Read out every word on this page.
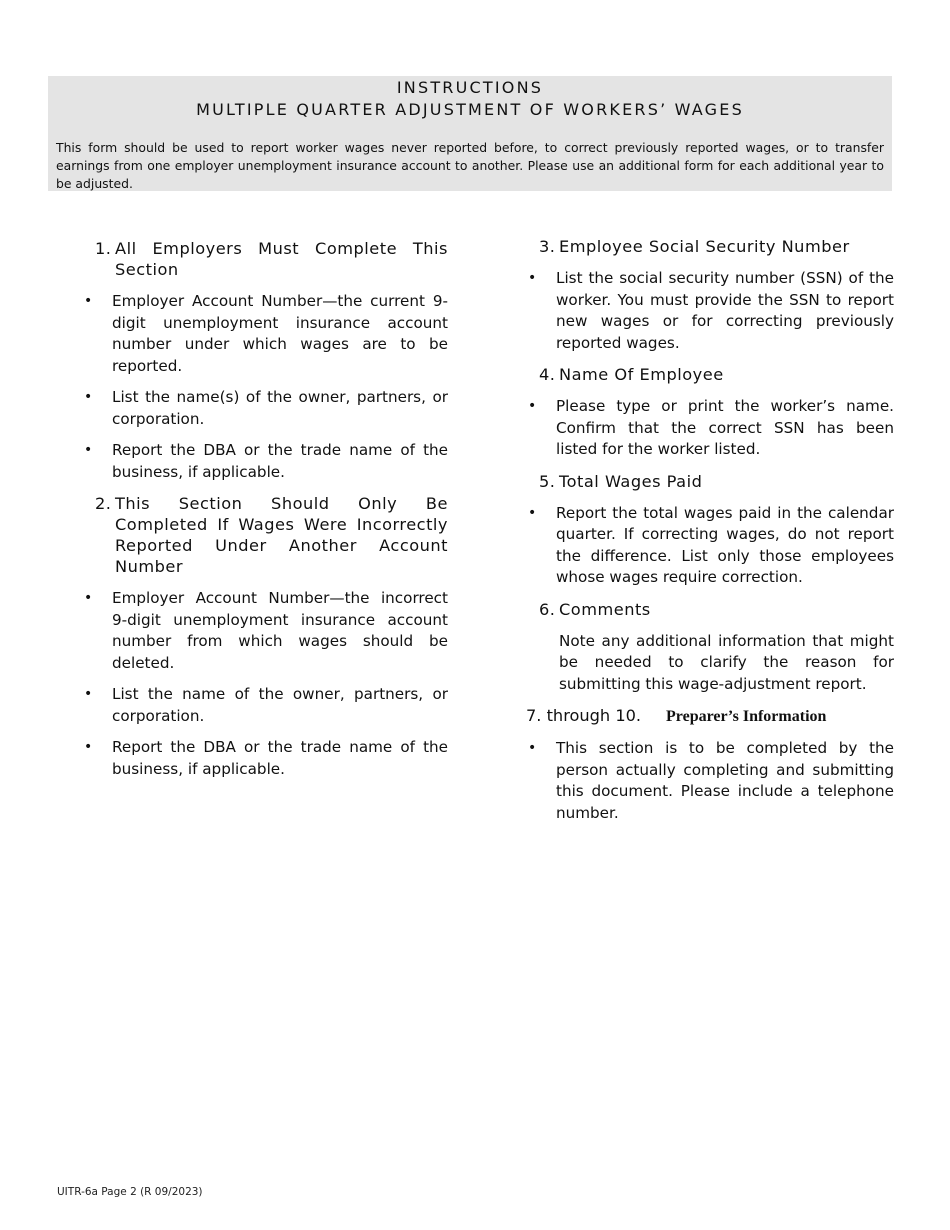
INSTRUCTIONS

MULTIPLE QUARTER ADJUSTMENT OF WORKERS’ WAGES

This form should be used to report worker wages never reported before, to correct previously reported wages, or to transfer earnings from one employer unemployment insurance account to another. Please use an additional form for each additional year to be adjusted.

1. All Employers Must Complete This Section
•	Employer Account Number—the current 9-digit unemployment insurance account number under which wages are to be reported.
•	List the name(s) of the owner, partners, or corporation.
•	Report the DBA or the trade name of the business, if applicable.
2. This Section Should Only Be Completed If Wages Were Incorrectly Reported Under Another Account Number
•	Employer Account Number—the incorrect 9-digit unemployment insurance account number from which wages should be deleted.
•	List the name of the owner, partners, or corporation.
•	Report the DBA or the trade name of the business, if applicable.
3. Employee Social Security Number
•	List the social security number (SSN) of the worker. You must provide the SSN to report new wages or for correcting previously reported wages.
4. Name Of Employee
•	Please type or print the worker’s name. Confirm that the correct SSN has been listed for the worker listed.
5. Total Wages Paid
•	Report the total wages paid in the calendar quarter. If correcting wages, do not report the difference. List only those employees whose wages require correction.
6. Comments

Note any additional information that might be needed to clarify the reason for submitting this wage-adjustment report.

7. through 10. Preparer’s Information
•	This section is to be completed by the person actually completing and submitting this document. Please include a telephone number.
UITR-6a Page 2 (R 09/2023)
